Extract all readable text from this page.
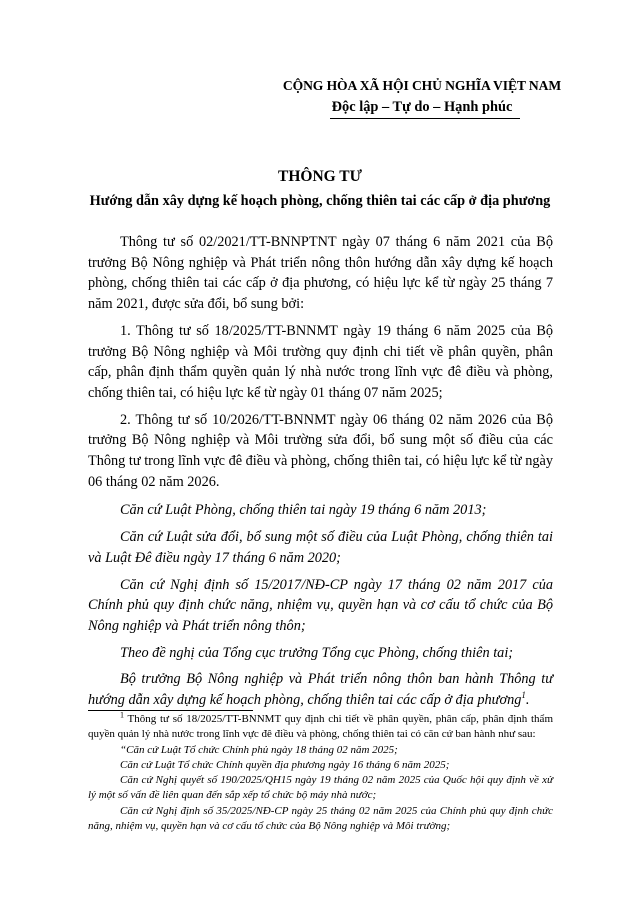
CỘNG HÒA XÃ HỘI CHỦ NGHĨA VIỆT NAM
Độc lập – Tự do – Hạnh phúc
THÔNG TƯ
Hướng dẫn xây dựng kế hoạch phòng, chống thiên tai các cấp ở địa phương

Thông tư số 02/2021/TT-BNNPTNT ngày 07 tháng 6 năm 2021 của Bộ trưởng Bộ Nông nghiệp và Phát triển nông thôn hướng dẫn xây dựng kế hoạch phòng, chống thiên tai các cấp ở địa phương, có hiệu lực kể từ ngày 25 tháng 7 năm 2021, được sửa đổi, bổ sung bởi:

1. Thông tư số 18/2025/TT-BNNMT ngày 19 tháng 6 năm 2025 của Bộ trưởng Bộ Nông nghiệp và Môi trường quy định chi tiết về phân quyền, phân cấp, phân định thẩm quyền quản lý nhà nước trong lĩnh vực đê điều và phòng, chống thiên tai, có hiệu lực kể từ ngày 01 tháng 07 năm 2025;

2. Thông tư số 10/2026/TT-BNNMT ngày 06 tháng 02 năm 2026 của Bộ trưởng Bộ Nông nghiệp và Môi trường sửa đổi, bổ sung một số điều của các Thông tư trong lĩnh vực đê điều và phòng, chống thiên tai, có hiệu lực kể từ ngày 06 tháng 02 năm 2026.

Căn cứ Luật Phòng, chống thiên tai ngày 19 tháng 6 năm 2013;

Căn cứ Luật sửa đổi, bổ sung một số điều của Luật Phòng, chống thiên tai và Luật Đê điều ngày 17 tháng 6 năm 2020;

Căn cứ Nghị định số 15/2017/NĐ-CP ngày 17 tháng 02 năm 2017 của Chính phủ quy định chức năng, nhiệm vụ, quyền hạn và cơ cấu tổ chức của Bộ Nông nghiệp và Phát triển nông thôn;

Theo đề nghị của Tổng cục trưởng Tổng cục Phòng, chống thiên tai;

Bộ trưởng Bộ Nông nghiệp và Phát triển nông thôn ban hành Thông tư hướng dẫn xây dựng kế hoạch phòng, chống thiên tai các cấp ở địa phương$^1$.

$^1$ Thông tư số 18/2025/TT-BNNMT quy định chi tiết về phân quyền, phân cấp, phân định thẩm quyền quản lý nhà nước trong lĩnh vực đê điều và phòng, chống thiên tai có căn cứ ban hành như sau:

“Căn cứ Luật Tổ chức Chính phủ ngày 18 tháng 02 năm 2025;

Căn cứ Luật Tổ chức Chính quyền địa phương ngày 16 tháng 6 năm 2025;

Căn cứ Nghị quyết số 190/2025/QH15 ngày 19 tháng 02 năm 2025 của Quốc hội quy định về xử lý một số vấn đề liên quan đến sắp xếp tổ chức bộ máy nhà nước;

Căn cứ Nghị định số 35/2025/NĐ-CP ngày 25 tháng 02 năm 2025 của Chính phủ quy định chức năng, nhiệm vụ, quyền hạn và cơ cấu tổ chức của Bộ Nông nghiệp và Môi trường;
